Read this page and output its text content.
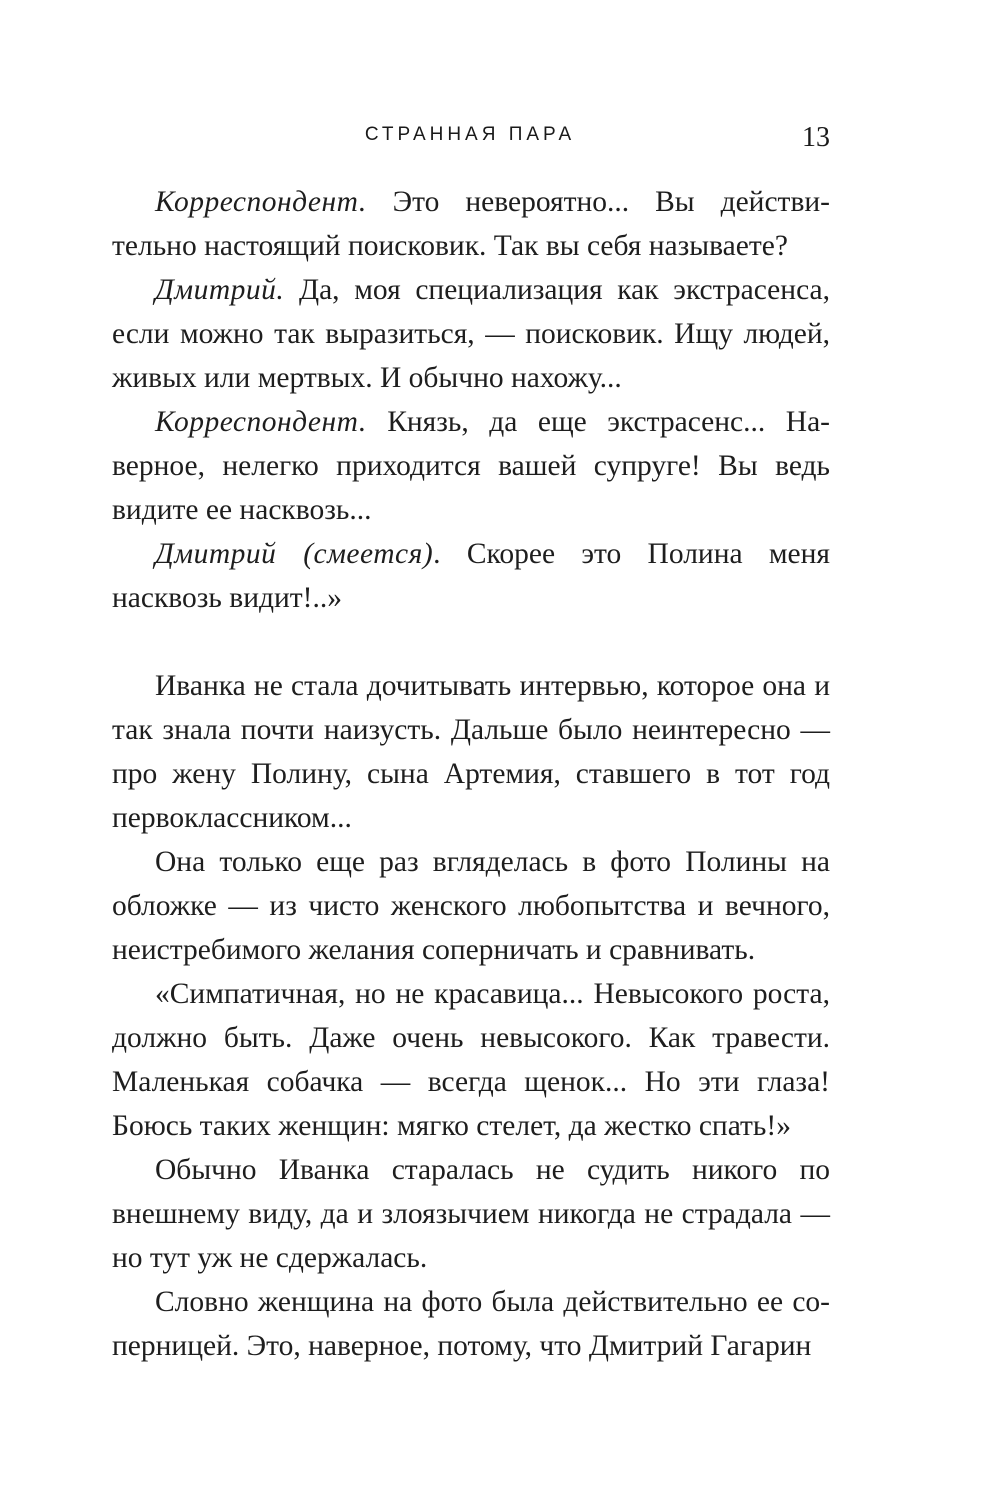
СТРАННАЯ ПАРА	13

Корреспондент. Это невероятно... Вы действительно настоящий поисковик. Так вы себя называете?

Дмитрий. Да, моя специализация как экстрасенса, если можно так выразиться, — поисковик. Ищу людей, живых или мертвых. И обычно нахожу...

Корреспондент. Князь, да еще экстрасенс... Наверное, нелегко приходится вашей супруге! Вы ведь видите ее насквозь...

Дмитрий (смеется). Скорее это Полина меня насквозь видит!..»

Иванка не стала дочитывать интервью, которое она и так знала почти наизусть. Дальше было неинтересно — про жену Полину, сына Артемия, ставшего в тот год первоклассником...

Она только еще раз вгляделась в фото Полины на обложке — из чисто женского любопытства и вечного, неистребимого желания соперничать и сравнивать.

«Симпатичная, но не красавица... Невысокого роста, должно быть. Даже очень невысокого. Как травести. Маленькая собачка — всегда щенок... Но эти глаза! Боюсь таких женщин: мягко стелет, да жестко спать!»

Обычно Иванка старалась не судить никого по внешнему виду, да и злоязычием никогда не страдала — но тут уж не сдержалась.

Словно женщина на фото была действительно ее соперницей. Это, наверное, потому, что Дмитрий Гагарин
